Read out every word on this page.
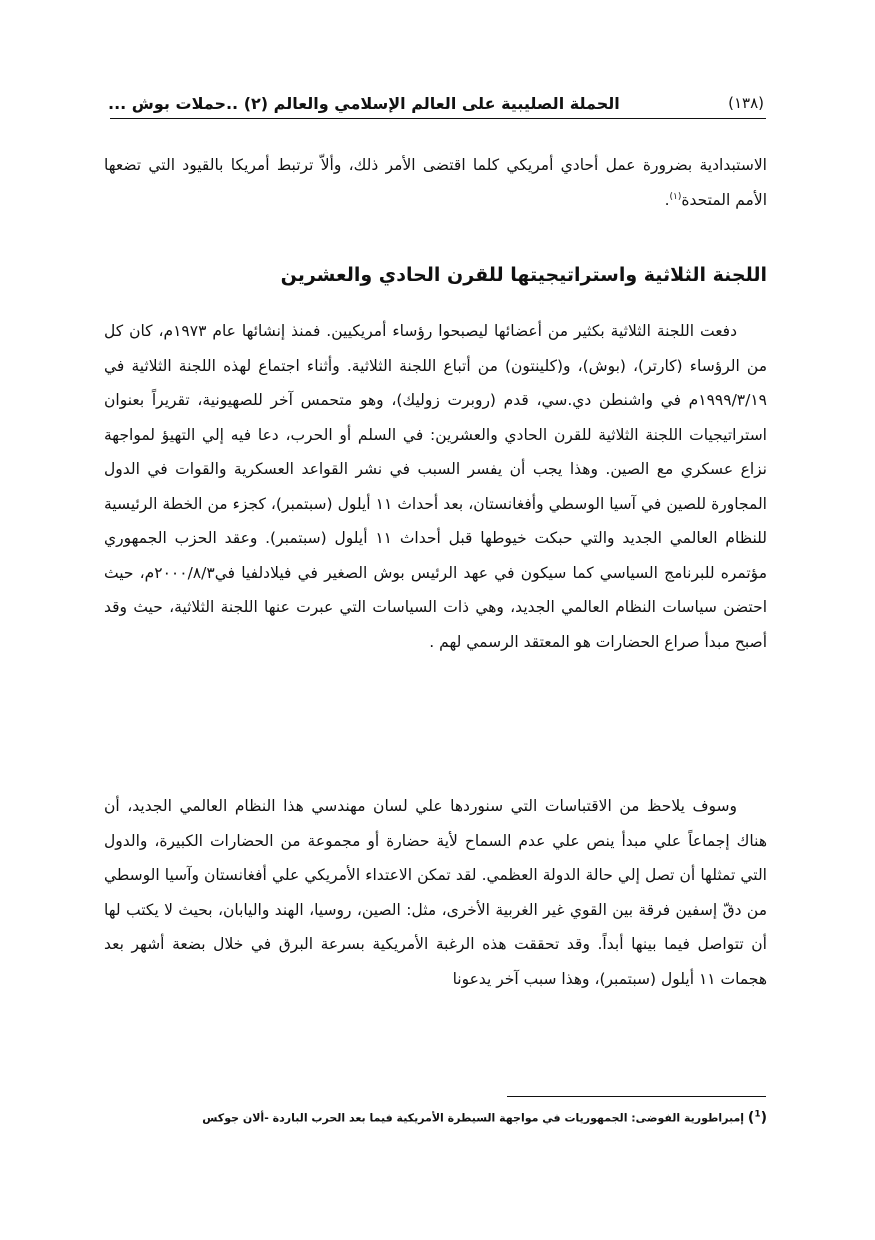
الحملة الصليبية على العالم الإسلامي والعالم (٢) ..حملات بوش ...	(١٣٨)

الاستبدادية بضرورة عمل أحادي أمريكي كلما اقتضى الأمر ذلك، وألاّ ترتبط أمريكا بالقيود التي تضعها الأمم المتحدة$^{(١)}$.

اللجنة الثلاثية واستراتيجيتها للقرن الحادي والعشرين

دفعت اللجنة الثلاثية بكثير من أعضائها ليصبحوا رؤساء أمريكيين. فمنذ إنشائها عام ١٩٧٣م، كان كل من الرؤساء (كارتر)، (بوش)، و(كلينتون) من أتباع اللجنة الثلاثية. وأثناء اجتماع لهذه اللجنة الثلاثية في ١٩٩٩/٣/١٩م في واشنطن دي.سي، قدم (روبرت زوليك)، وهو متحمس آخر للصهيونية، تقريراً بعنوان استراتيجيات اللجنة الثلاثية للقرن الحادي والعشرين: في السلم أو الحرب، دعا فيه إلي التهيؤ لمواجهة نزاع عسكري مع الصين. وهذا يجب أن يفسر السبب في نشر القواعد العسكرية والقوات في الدول المجاورة للصين في آسيا الوسطي وأفغانستان، بعد أحداث ١١ أيلول (سبتمبر)، كجزء من الخطة الرئيسية للنظام العالمي الجديد والتي حبكت خيوطها قبل أحداث ١١ أيلول (سبتمبر). وعقد الحزب الجمهوري مؤتمره للبرنامج السياسي كما سيكون في عهد الرئيس بوش الصغير في فيلادلفيا في٢٠٠٠/٨/٣م، حيث احتضن سياسات النظام العالمي الجديد، وهي ذات السياسات التي عبرت عنها اللجنة الثلاثية، حيث وقد أصبح مبدأ صراع الحضارات هو المعتقد الرسمي لهم .

وسوف يلاحظ من الاقتباسات التي سنوردها علي لسان مهندسي هذا النظام العالمي الجديد، أن هناك إجماعاً علي مبدأ ينص علي عدم السماح لأية حضارة أو مجموعة من الحضارات الكبيرة، والدول التي تمثلها أن تصل إلي حالة الدولة العظمي. لقد تمكن الاعتداء الأمريكي علي أفغانستان وآسيا الوسطي من دقّ إسفين فرقة بين القوي غير الغربية الأخرى، مثل: الصين، روسيا، الهند واليابان، بحيث لا يكتب لها أن تتواصل فيما بينها أبداً. وقد تحققت هذه الرغبة الأمريكية بسرعة البرق في خلال بضعة أشهر بعد هجمات ١١ أيلول (سبتمبر)، وهذا سبب آخر يدعونا

($^1$) إمبراطورية الفوضى: الجمهوريات في مواجهة السيطرة الأمريكية فيما بعد الحرب الباردة -ألان جوكس
